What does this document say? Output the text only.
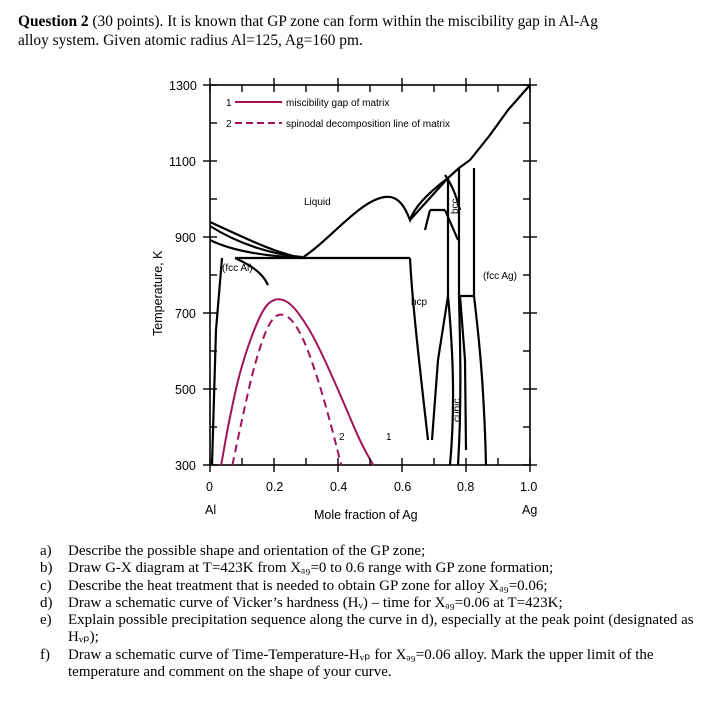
Question 2 (30 points). It is known that GP zone can form within the miscibility gap in Al-Ag
alloy system. Given atomic radius Al=125, Ag=160 pm.
1	miscibility gap of matrix
2	spinodal decomposition line of matrix
Liquid
(fcc Al)
(fcc Ag)
hcp
bcc
cubic
1
2
1300
1100
900
700
500
300
0	0.2	0.4	0.6	0.8	1.0
Al	Ag
Mole fraction of Ag
Temperature, K
a) Describe the possible shape and orientation of the GP zone;
b) Draw G-X diagram at T=423K from Xₐ₉=0 to 0.6 range with GP zone formation;
c) Describe the heat treatment that is needed to obtain GP zone for alloy Xₐ₉=0.06;
d) Draw a schematic curve of Vicker’s hardness (Hᵥ) – time for Xₐ₉=0.06 at T=423K;
e) Explain possible precipitation sequence along the curve in d), especially at the peak point (designated as Hᵥₚ);
f) Draw a schematic curve of Time-Temperature-Hᵥₚ for Xₐ₉=0.06 alloy. Mark the upper limit of the temperature and comment on the shape of your curve.
